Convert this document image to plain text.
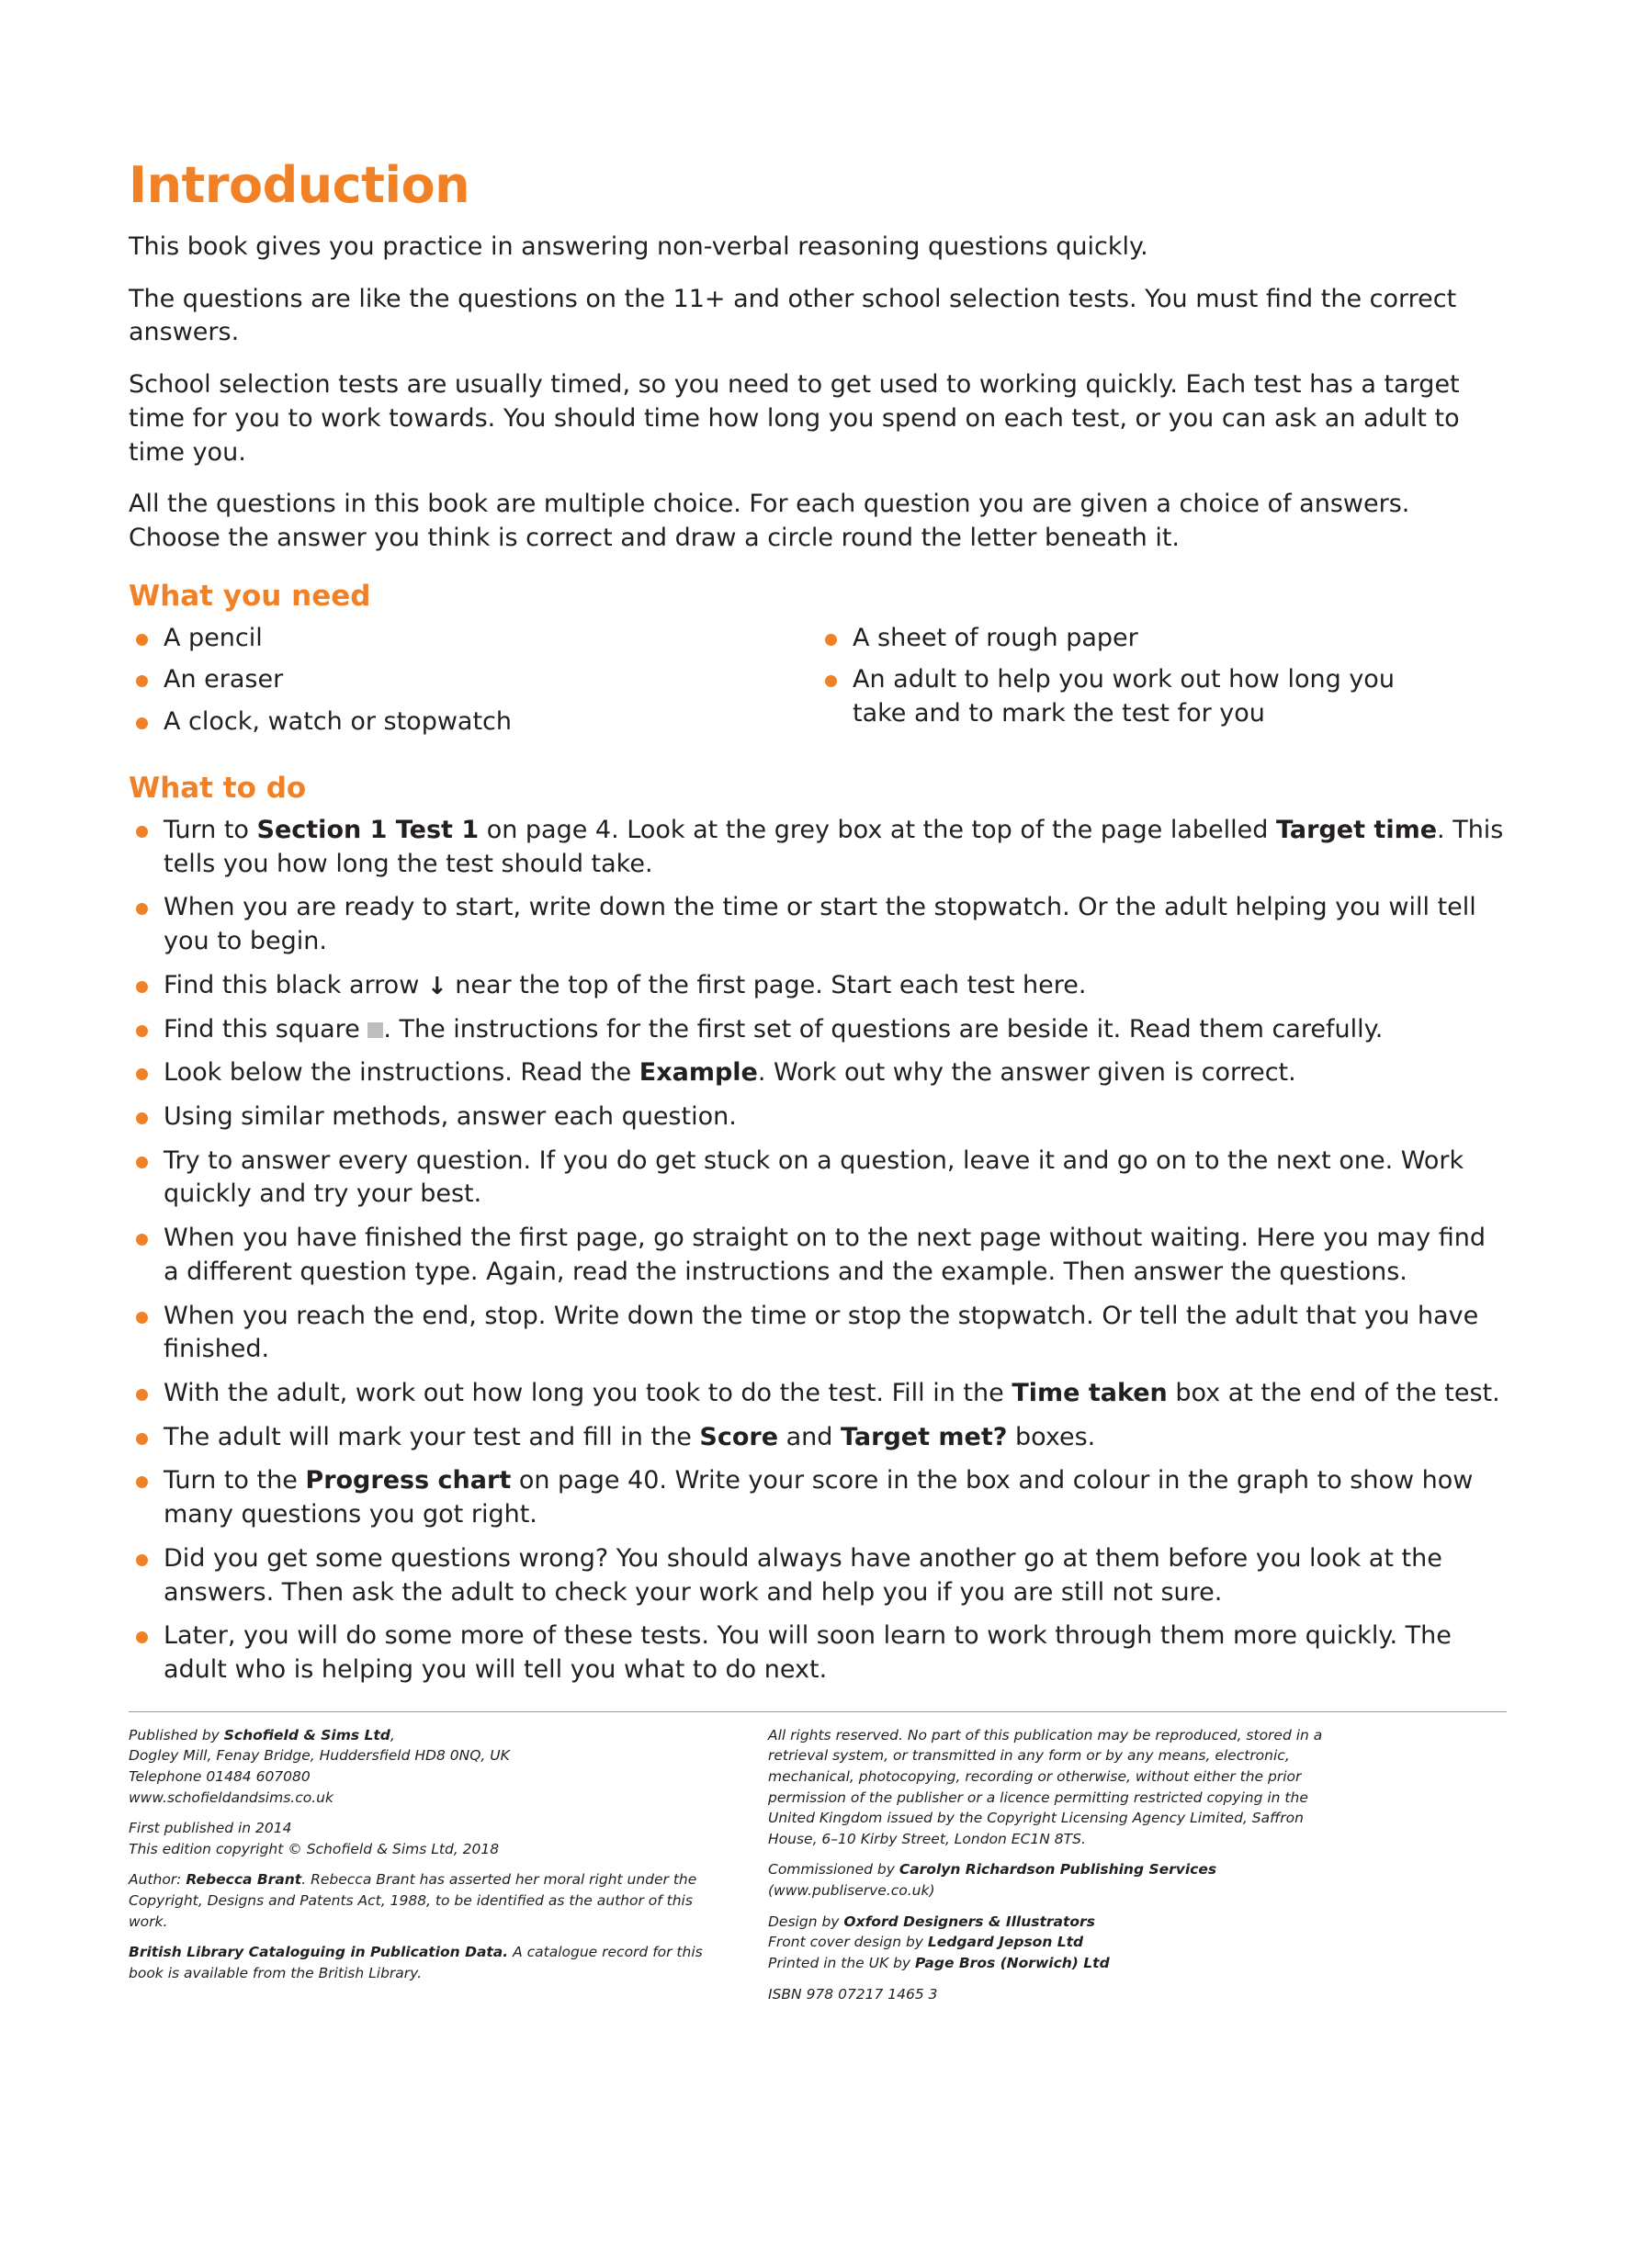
Introduction

This book gives you practice in answering non-verbal reasoning questions quickly.

The questions are like the questions on the 11+ and other school selection tests. You must find the correct answers.

School selection tests are usually timed, so you need to get used to working quickly. Each test has a target time for you to work towards. You should time how long you spend on each test, or you can ask an adult to time you.

All the questions in this book are multiple choice. For each question you are given a choice of answers. Choose the answer you think is correct and draw a circle round the letter beneath it.

What you need
A pencil
An eraser
A clock, watch or stopwatch
A sheet of rough paper
An adult to help you work out how long you take and to mark the test for you
What to do
Turn to Section 1 Test 1 on page 4. Look at the grey box at the top of the page labelled Target time. This tells you how long the test should take.
When you are ready to start, write down the time or start the stopwatch. Or the adult helping you will tell you to begin.
Find this black arrow ↓ near the top of the first page. Start each test here.
Find this square . The instructions for the first set of questions are beside it. Read them carefully.
Look below the instructions. Read the Example. Work out why the answer given is correct.
Using similar methods, answer each question.
Try to answer every question. If you do get stuck on a question, leave it and go on to the next one. Work quickly and try your best.
When you have finished the first page, go straight on to the next page without waiting. Here you may find a different question type. Again, read the instructions and the example. Then answer the questions.
When you reach the end, stop. Write down the time or stop the stopwatch. Or tell the adult that you have finished.
With the adult, work out how long you took to do the test. Fill in the Time taken box at the end of the test.
The adult will mark your test and fill in the Score and Target met? boxes.
Turn to the Progress chart on page 40. Write your score in the box and colour in the graph to show how many questions you got right.
Did you get some questions wrong? You should always have another go at them before you look at the answers. Then ask the adult to check your work and help you if you are still not sure.
Later, you will do some more of these tests. You will soon learn to work through them more quickly. The adult who is helping you will tell you what to do next.

Published by Schofield & Sims Ltd,
Dogley Mill, Fenay Bridge, Huddersfield HD8 0NQ, UK
Telephone 01484 607080
www.schofieldandsims.co.uk

First published in 2014
This edition copyright © Schofield & Sims Ltd, 2018

Author: Rebecca Brant. Rebecca Brant has asserted her moral right under the Copyright, Designs and Patents Act, 1988, to be identified as the author of this work.

British Library Cataloguing in Publication Data. A catalogue record for this book is available from the British Library.

All rights reserved. No part of this publication may be reproduced, stored in a retrieval system, or transmitted in any form or by any means, electronic, mechanical, photocopying, recording or otherwise, without either the prior permission of the publisher or a licence permitting restricted copying in the United Kingdom issued by the Copyright Licensing Agency Limited, Saffron House, 6–10 Kirby Street, London EC1N 8TS.

Commissioned by Carolyn Richardson Publishing Services (www.publiserve.co.uk)

Design by Oxford Designers & Illustrators
Front cover design by Ledgard Jepson Ltd
Printed in the UK by Page Bros (Norwich) Ltd

ISBN 978 07217 1465 3
